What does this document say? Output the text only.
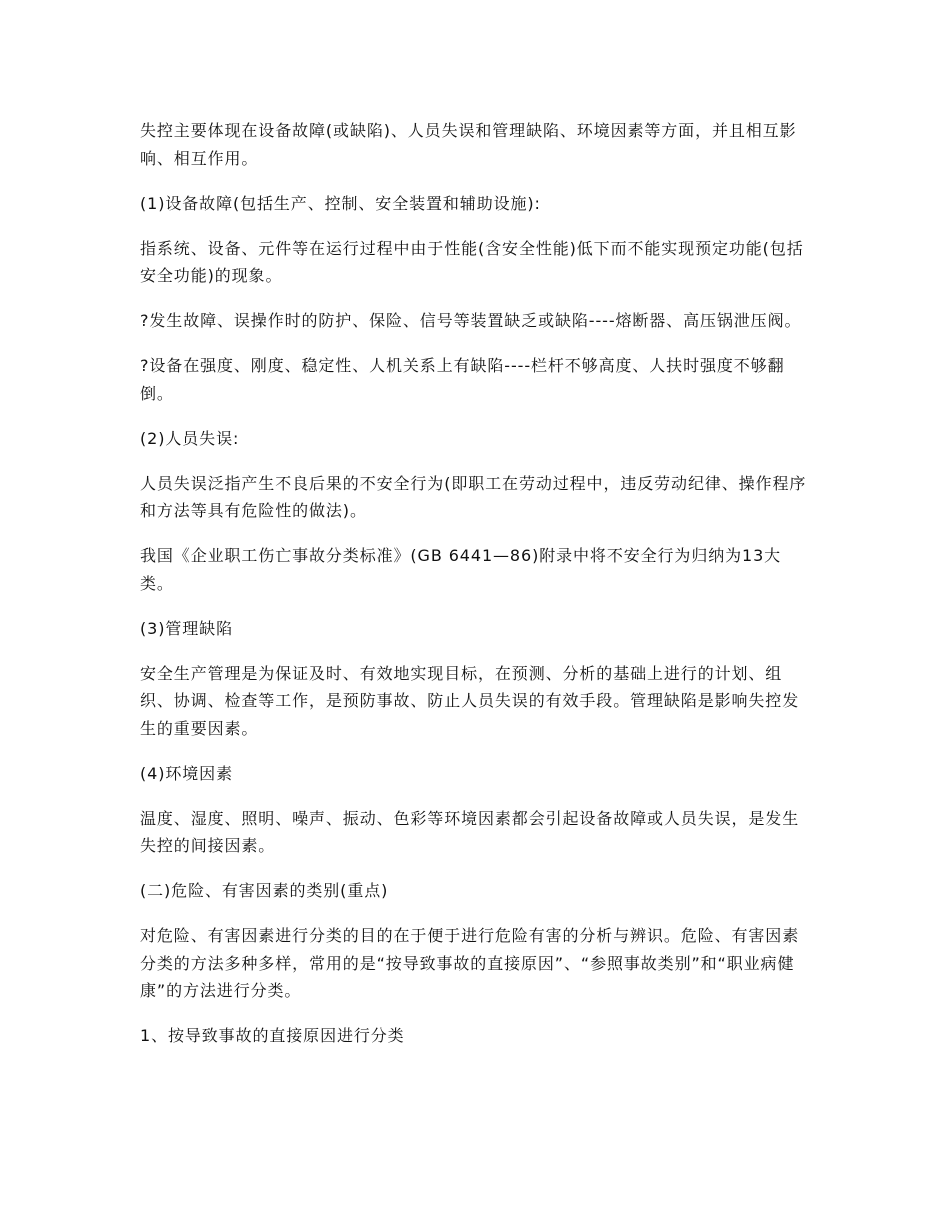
失控主要体现在设备故障(或缺陷)、人员失误和管理缺陷、环境因素等方面，并且相互影响、相互作用。

(1)设备故障(包括生产、控制、安全装置和辅助设施):

指系统、设备、元件等在运行过程中由于性能(含安全性能)低下而不能实现预定功能(包括安全功能)的现象。

?发生故障、误操作时的防护、保险、信号等装置缺乏或缺陷----熔断器、高压锅泄压阀。

?设备在强度、刚度、稳定性、人机关系上有缺陷----栏杆不够高度、人扶时强度不够翻倒。

(2)人员失误:

人员失误泛指产生不良后果的不安全行为(即职工在劳动过程中，违反劳动纪律、操作程序和方法等具有危险性的做法)。

我国《企业职工伤亡事故分类标准》(GB 6441—86)附录中将不安全行为归纳为13大类。

(3)管理缺陷

安全生产管理是为保证及时、有效地实现目标，在预测、分析的基础上进行的计划、组织、协调、检查等工作，是预防事故、防止人员失误的有效手段。管理缺陷是影响失控发生的重要因素。

(4)环境因素

温度、湿度、照明、噪声、振动、色彩等环境因素都会引起设备故障或人员失误，是发生失控的间接因素。

(二)危险、有害因素的类别(重点)

对危险、有害因素进行分类的目的在于便于进行危险有害的分析与辨识。危险、有害因素分类的方法多种多样，常用的是“按导致事故的直接原因”、“参照事故类别”和“职业病健康”的方法进行分类。

1、按导致事故的直接原因进行分类
